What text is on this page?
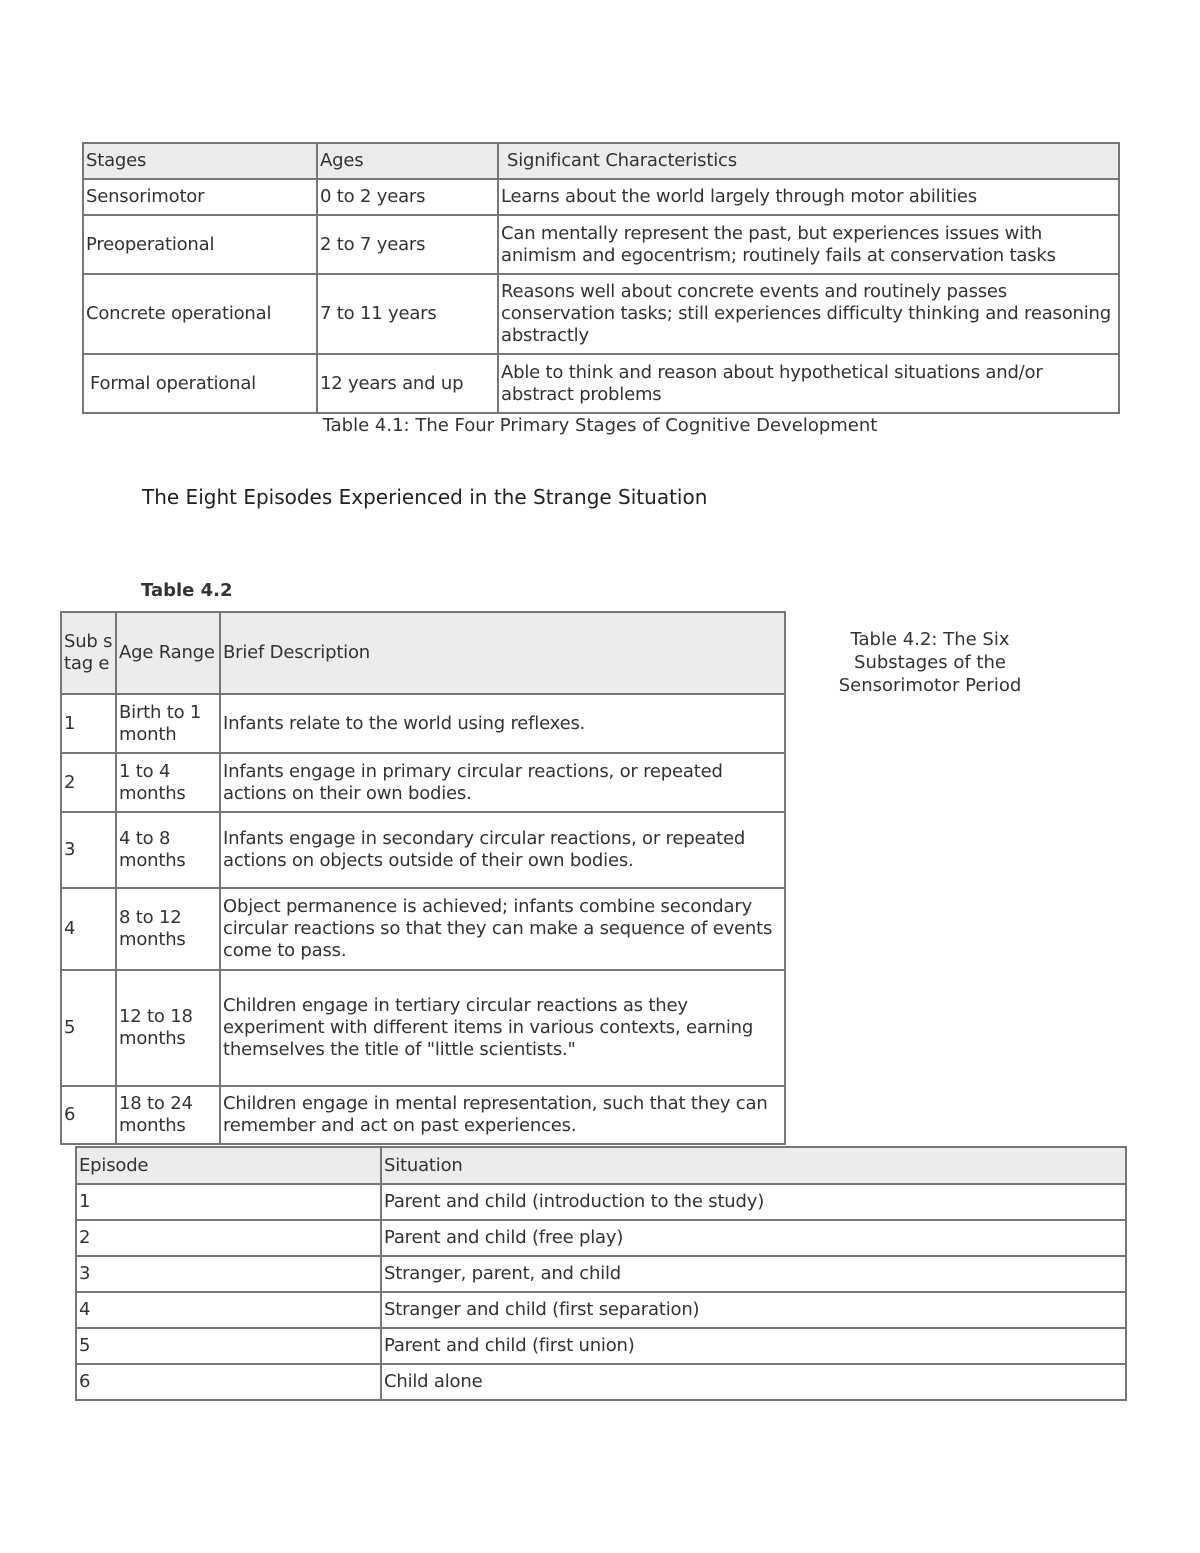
Stages	Ages	Significant Characteristics
Sensorimotor	0 to 2 years	Learns about the world largely through motor abilities
Preoperational	2 to 7 years	Can mentally represent the past, but experiences issues with animism and egocentrism; routinely fails at conservation tasks
Concrete operational	7 to 11 years	Reasons well about concrete events and routinely passes conservation tasks; still experiences difficulty thinking and reasoning abstractly
Formal operational	12 years and up	Able to think and reason about hypothetical situations and/or abstract problems
Table 4.1: The Four Primary Stages of Cognitive Development
The Eight Episodes Experienced in the Strange Situation
Table 4.2
Sub stag e	Age Range	Brief Description
1	Birth to 1 month	Infants relate to the world using reflexes.
2	1 to 4 months	Infants engage in primary circular reactions, or repeated actions on their own bodies.
3	4 to 8 months	Infants engage in secondary circular reactions, or repeated actions on objects outside of their own bodies.
4	8 to 12 months	Object permanence is achieved; infants combine secondary circular reactions so that they can make a sequence of events come to pass.
5	12 to 18 months	Children engage in tertiary circular reactions as they experiment with different items in various contexts, earning themselves the title of "little scientists."
6	18 to 24 months	Children engage in mental representation, such that they can remember and act on past experiences.
Table 4.2: The Six Substages of the Sensorimotor Period
Episode	Situation
1	Parent and child (introduction to the study)
2	Parent and child (free play)
3	Stranger, parent, and child
4	Stranger and child (first separation)
5	Parent and child (first union)
6	Child alone
